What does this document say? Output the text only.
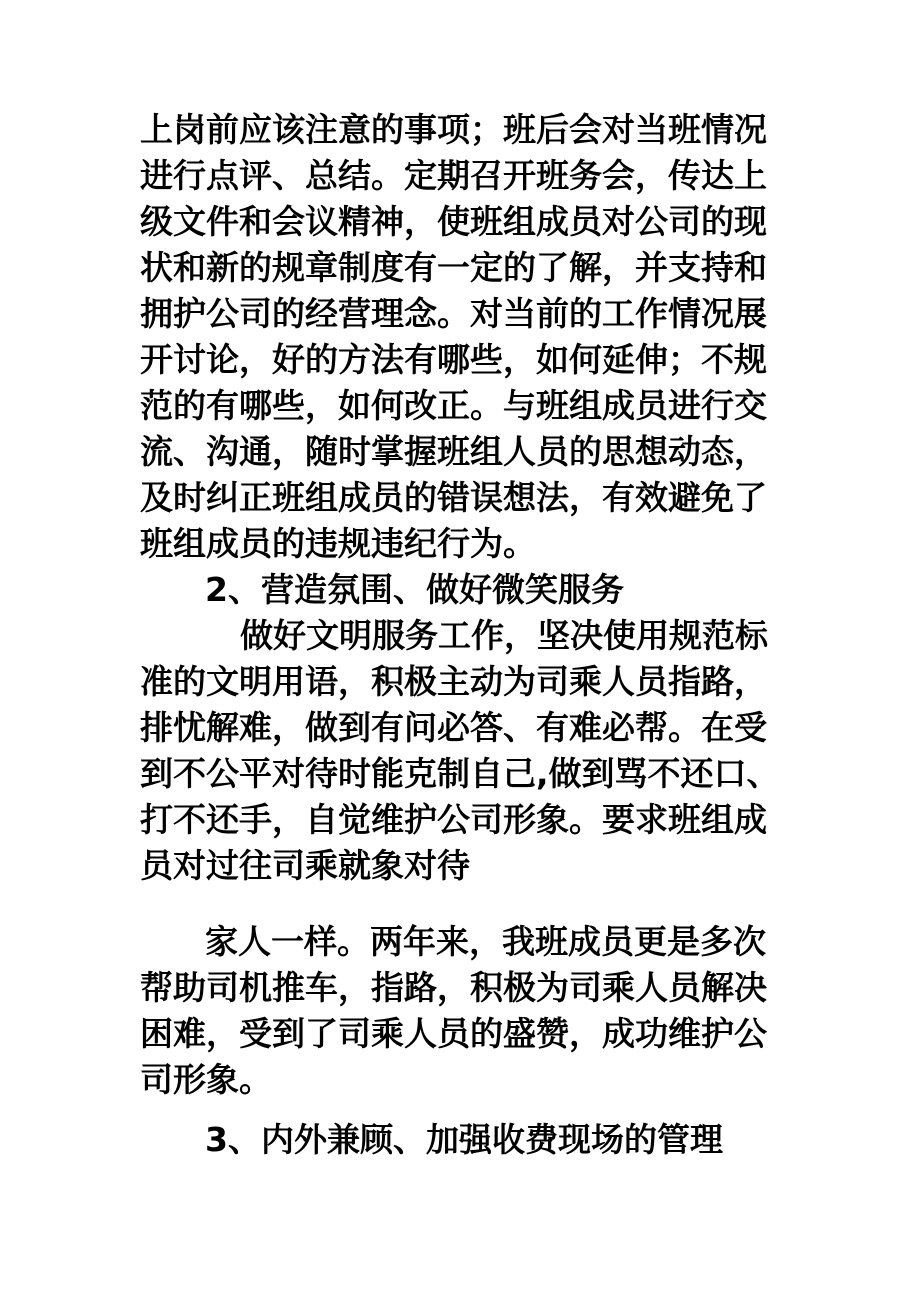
上岗前应该注意的事项；班后会对当班情况
进行点评、总结。定期召开班务会，传达上
级文件和会议精神，使班组成员对公司的现
状和新的规章制度有一定的了解，并支持和
拥护公司的经营理念。对当前的工作情况展
开讨论，好的方法有哪些，如何延伸；不规
范的有哪些，如何改正。与班组成员进行交
流、沟通，随时掌握班组人员的思想动态，
及时纠正班组成员的错误想法，有效避免了
班组成员的违规违纪行为。
2、营造氛围、做好微笑服务
做好文明服务工作，坚决使用规范标
准的文明用语，积极主动为司乘人员指路，
排忧解难，做到有问必答、有难必帮。在受
到不公平对待时能克制自己,做到骂不还口、
打不还手，自觉维护公司形象。要求班组成
员对过往司乘就象对待
家人一样。两年来，我班成员更是多次
帮助司机推车，指路，积极为司乘人员解决
困难，受到了司乘人员的盛赞，成功维护公
司形象。
3、内外兼顾、加强收费现场的管理
